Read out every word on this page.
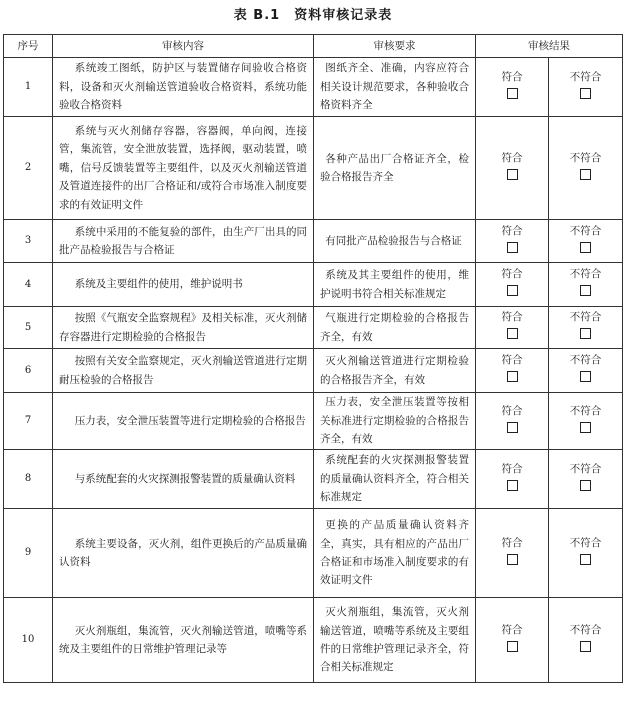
表 B.1　资料审核记录表
序号	审核内容	审核要求	审核结果	
1	系统竣工图纸，防护区与装置储存间验收合格资料，设备和灭火剂输送管道验收合格资料，系统功能验收合格资料	图纸齐全、准确，内容应符合相关设计规范要求，各种验收合格资料齐全	符合	不符合

2	系统与灭火剂储存容器，容器阀，单向阀，连接管，集流管，安全泄放装置，选择阀，驱动装置，喷嘴，信号反馈装置等主要组件，以及灭火剂输送管道及管道连接件的出厂合格证和/或符合市场准入制度要求的有效证明文件	各种产品出厂合格证齐全，检验合格报告齐全	符合	不符合

3	系统中采用的不能复验的部件，由生产厂出具的同批产品检验报告与合格证	有同批产品检验报告与合格证	符合	不符合

4	系统及主要组件的使用，维护说明书	系统及其主要组件的使用，维护说明书符合相关标准规定	符合	不符合

5	按照《气瓶安全监察规程》及相关标准，灭火剂储存容器进行定期检验的合格报告	气瓶进行定期检验的合格报告齐全，有效	符合	不符合

6	按照有关安全监察规定，灭火剂输送管道进行定期耐压检验的合格报告	灭火剂输送管道进行定期检验的合格报告齐全，有效	符合	不符合

7	压力表，安全泄压装置等进行定期检验的合格报告	压力表，安全泄压装置等按相关标准进行定期检验的合格报告齐全，有效	符合	不符合

8	与系统配套的火灾探测报警装置的质量确认资料	系统配套的火灾探测报警装置的质量确认资料齐全，符合相关标准规定	符合	不符合

9	系统主要设备，灭火剂，组件更换后的产品质量确认资料	更换的产品质量确认资料齐全，真实，具有相应的产品出厂合格证和市场准入制度要求的有效证明文件	符合	不符合

10	灭火剂瓶组，集流管，灭火剂输送管道，喷嘴等系统及主要组件的日常维护管理记录等	灭火剂瓶组，集流管，灭火剂输送管道，喷嘴等系统及主要组件的日常维护管理记录齐全，符合相关标准规定	符合	不符合
